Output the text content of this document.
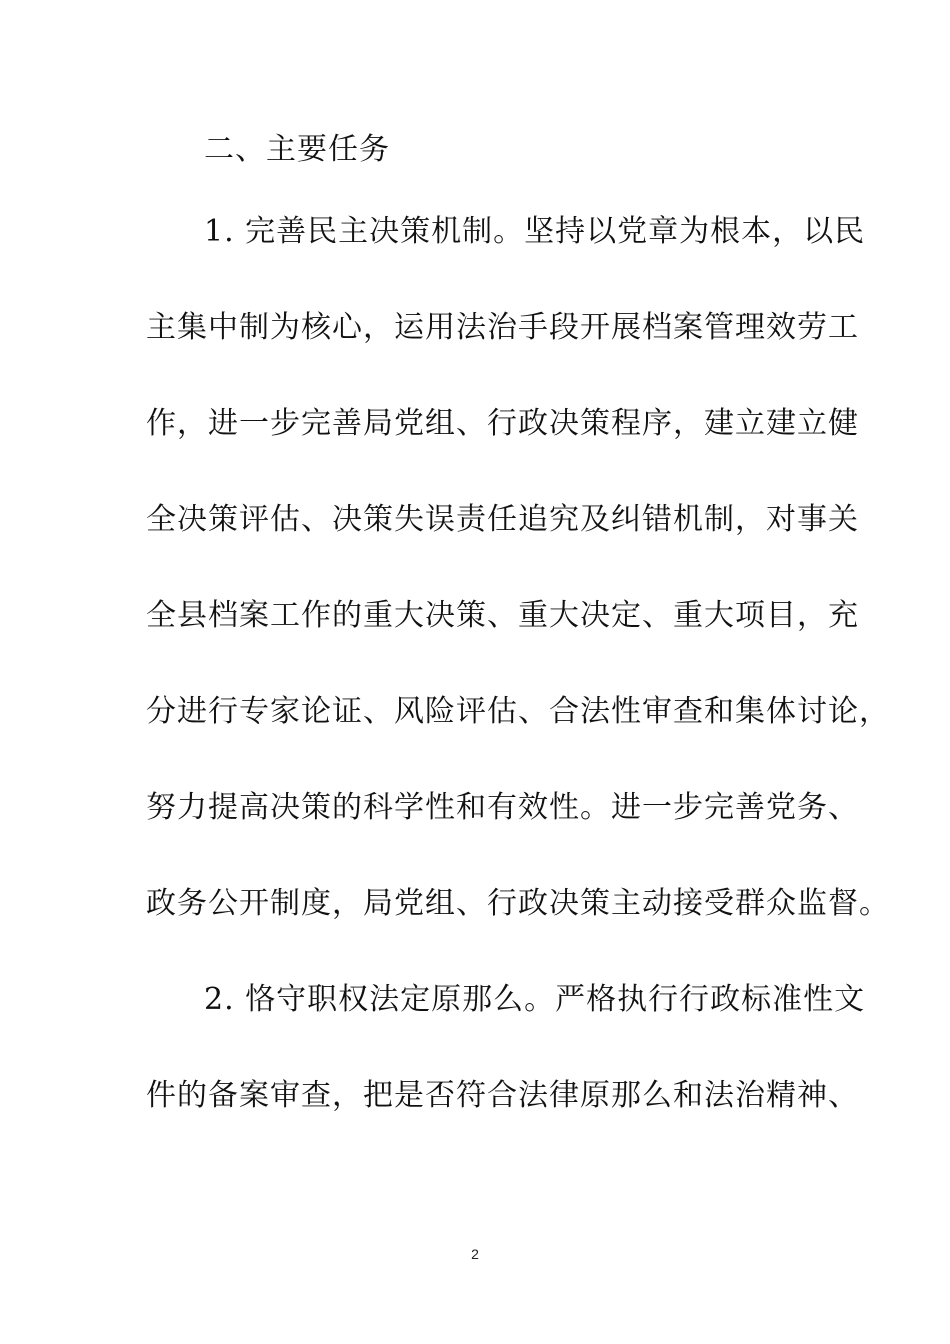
二、主要任务
1. 完善民主决策机制。坚持以党章为根本，以民
主集中制为核心，运用法治手段开展档案管理效劳工
作，进一步完善局党组、行政决策程序，建立建立健
全决策评估、决策失误责任追究及纠错机制，对事关
全县档案工作的重大决策、重大决定、重大项目，充
分进行专家论证、风险评估、合法性审查和集体讨论，
努力提高决策的科学性和有效性。进一步完善党务、
政务公开制度，局党组、行政决策主动接受群众监督。
2. 恪守职权法定原那么。严格执行行政标准性文
件的备案审查，把是否符合法律原那么和法治精神、
2
